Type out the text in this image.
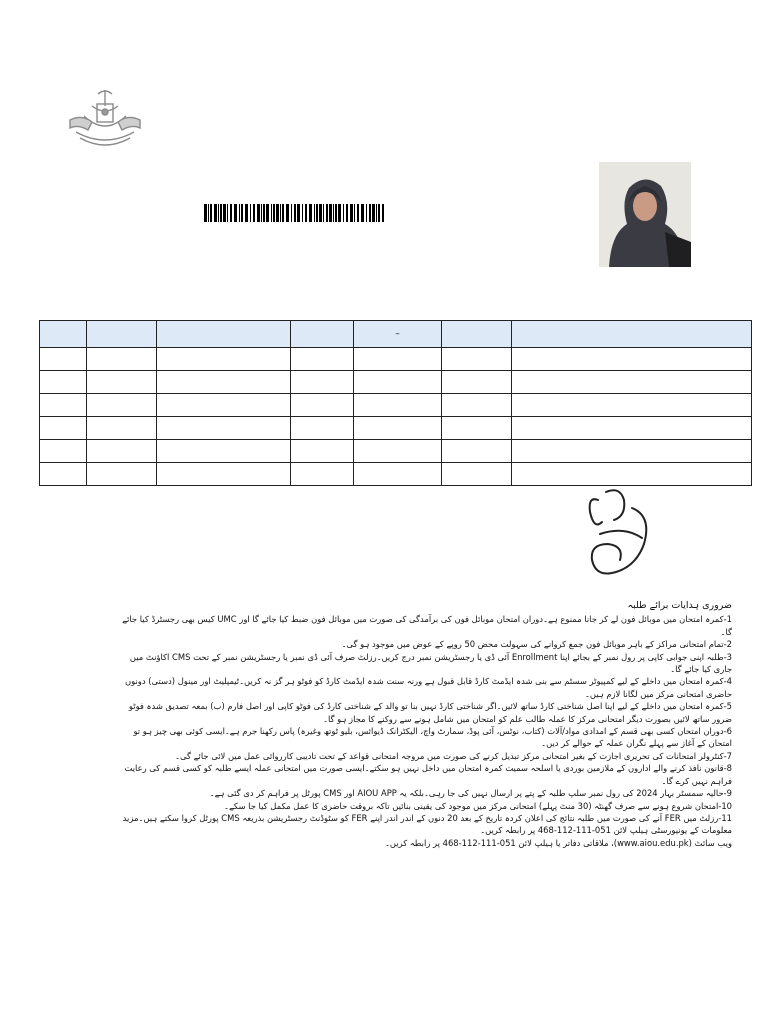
				–		

ضروری ہدایات برائے طلبہ

1-کمرہ امتحان میں موبائل فون لے کر جانا ممنوع ہے۔دوران امتحان موبائل فون کی برآمدگی کی صورت میں موبائل فون ضبط کیا جائے گا اور UMC کیس بھی رجسٹرڈ کیا جائے گا۔

2-تمام امتحانی مراکز کے باہر موبائل فون جمع کروانے کی سہولت محض 50 روپے کے عوض میں موجود ہو گی۔

3-طلبہ اپنی جوابی کاپی پر رول نمبر کے بجائے اپنا Enrollment آئی ڈی یا رجسٹریشن نمبر درج کریں۔رزلٹ صرف آئی ڈی نمبر یا رجسٹریشن نمبر کے تحت CMS اکاؤنٹ میں جاری کیا جائے گا۔

4-کمرہ امتحان میں داخلے کے لیے کمپیوٹر سسٹم سے بنی شدہ ایڈمٹ کارڈ قابل قبول ہے ورنہ سنت شدہ ایڈمٹ کارڈ کو فوٹو ہر گز نہ کریں۔ٹیمپلیٹ اور مینول (دستی) دونوں حاضری امتحانی مرکز میں لگانا لازم ہیں۔

5-کمرہ امتحان میں داخلے کے لیے اپنا اصل شناختی کارڈ ساتھ لائیں۔اگر شناختی کارڈ نہیں بنا تو والد کے شناختی کارڈ کی فوٹو کاپی اور اصل فارم (ب) بمعہ تصدیق شدہ فوٹو ضرور ساتھ لائیں بصورت دیگر امتحانی مرکز کا عملہ طالب علم کو امتحان میں شامل ہونے سے روکنے کا مجاز ہو گا۔

6-دوران امتحان کسی بھی قسم کے امدادی مواد/آلات (کتاب، نوٹس، آئی پوڈ، سمارٹ واچ، الیکٹرانک ڈیوائس، بلیو ٹوتھ وغیرہ) پاس رکھنا جرم ہے۔ایسی کوئی بھی چیز ہو تو امتحان کے آغاز سے پہلے نگران عملہ کے حوالے کر دیں۔

7-کنٹرولر امتحانات کی تحریری اجازت کے بغیر امتحانی مرکز تبدیل کرنے کی صورت میں مروجہ امتحانی قواعد کے تحت تادیبی کارروائی عمل میں لائی جائے گی۔

8-قانون نافذ کرنے والے اداروں کے ملازمین بوردی یا اسلحہ سمیت کمرہ امتحان میں داخل نہیں ہو سکتے۔ایسی صورت میں امتحانی عملہ ایسے طلبہ کو کسی قسم کی رعایت فراہم نہیں کرے گا۔

9-حالیہ سمسٹر بہار 2024 کی رول نمبر سلپ طلبہ کے پتے پر ارسال نہیں کی جا رہی۔بلکہ یہ AIOU APP اور CMS پورٹل پر فراہم کر دی گئی ہے۔

10-امتحان شروع ہونے سے صرف گھنٹہ (30 منٹ پہلے) امتحانی مرکز میں موجود کی یقینی بنائیں تاکہ بروقت حاضری کا عمل مکمل کیا جا سکے۔

11-رزلٹ میں FER آنے کی صورت میں طلبہ نتائج کی اعلان کردہ تاریخ کے بعد 20 دنوں کے اندر اندر اپنے FER کو سٹوڈنٹ رجسٹریشن بذریعہ CMS پورٹل کروا سکتے ہیں۔مزید معلومات کے یونیورسٹی ہیلپ لائن 051-111-112-468 پر رابطہ کریں۔

ویب سائٹ (www.aiou.edu.pk)، ملاقاتی دفاتر یا ہیلپ لائن 051-111-112-468 پر رابطہ کریں۔
